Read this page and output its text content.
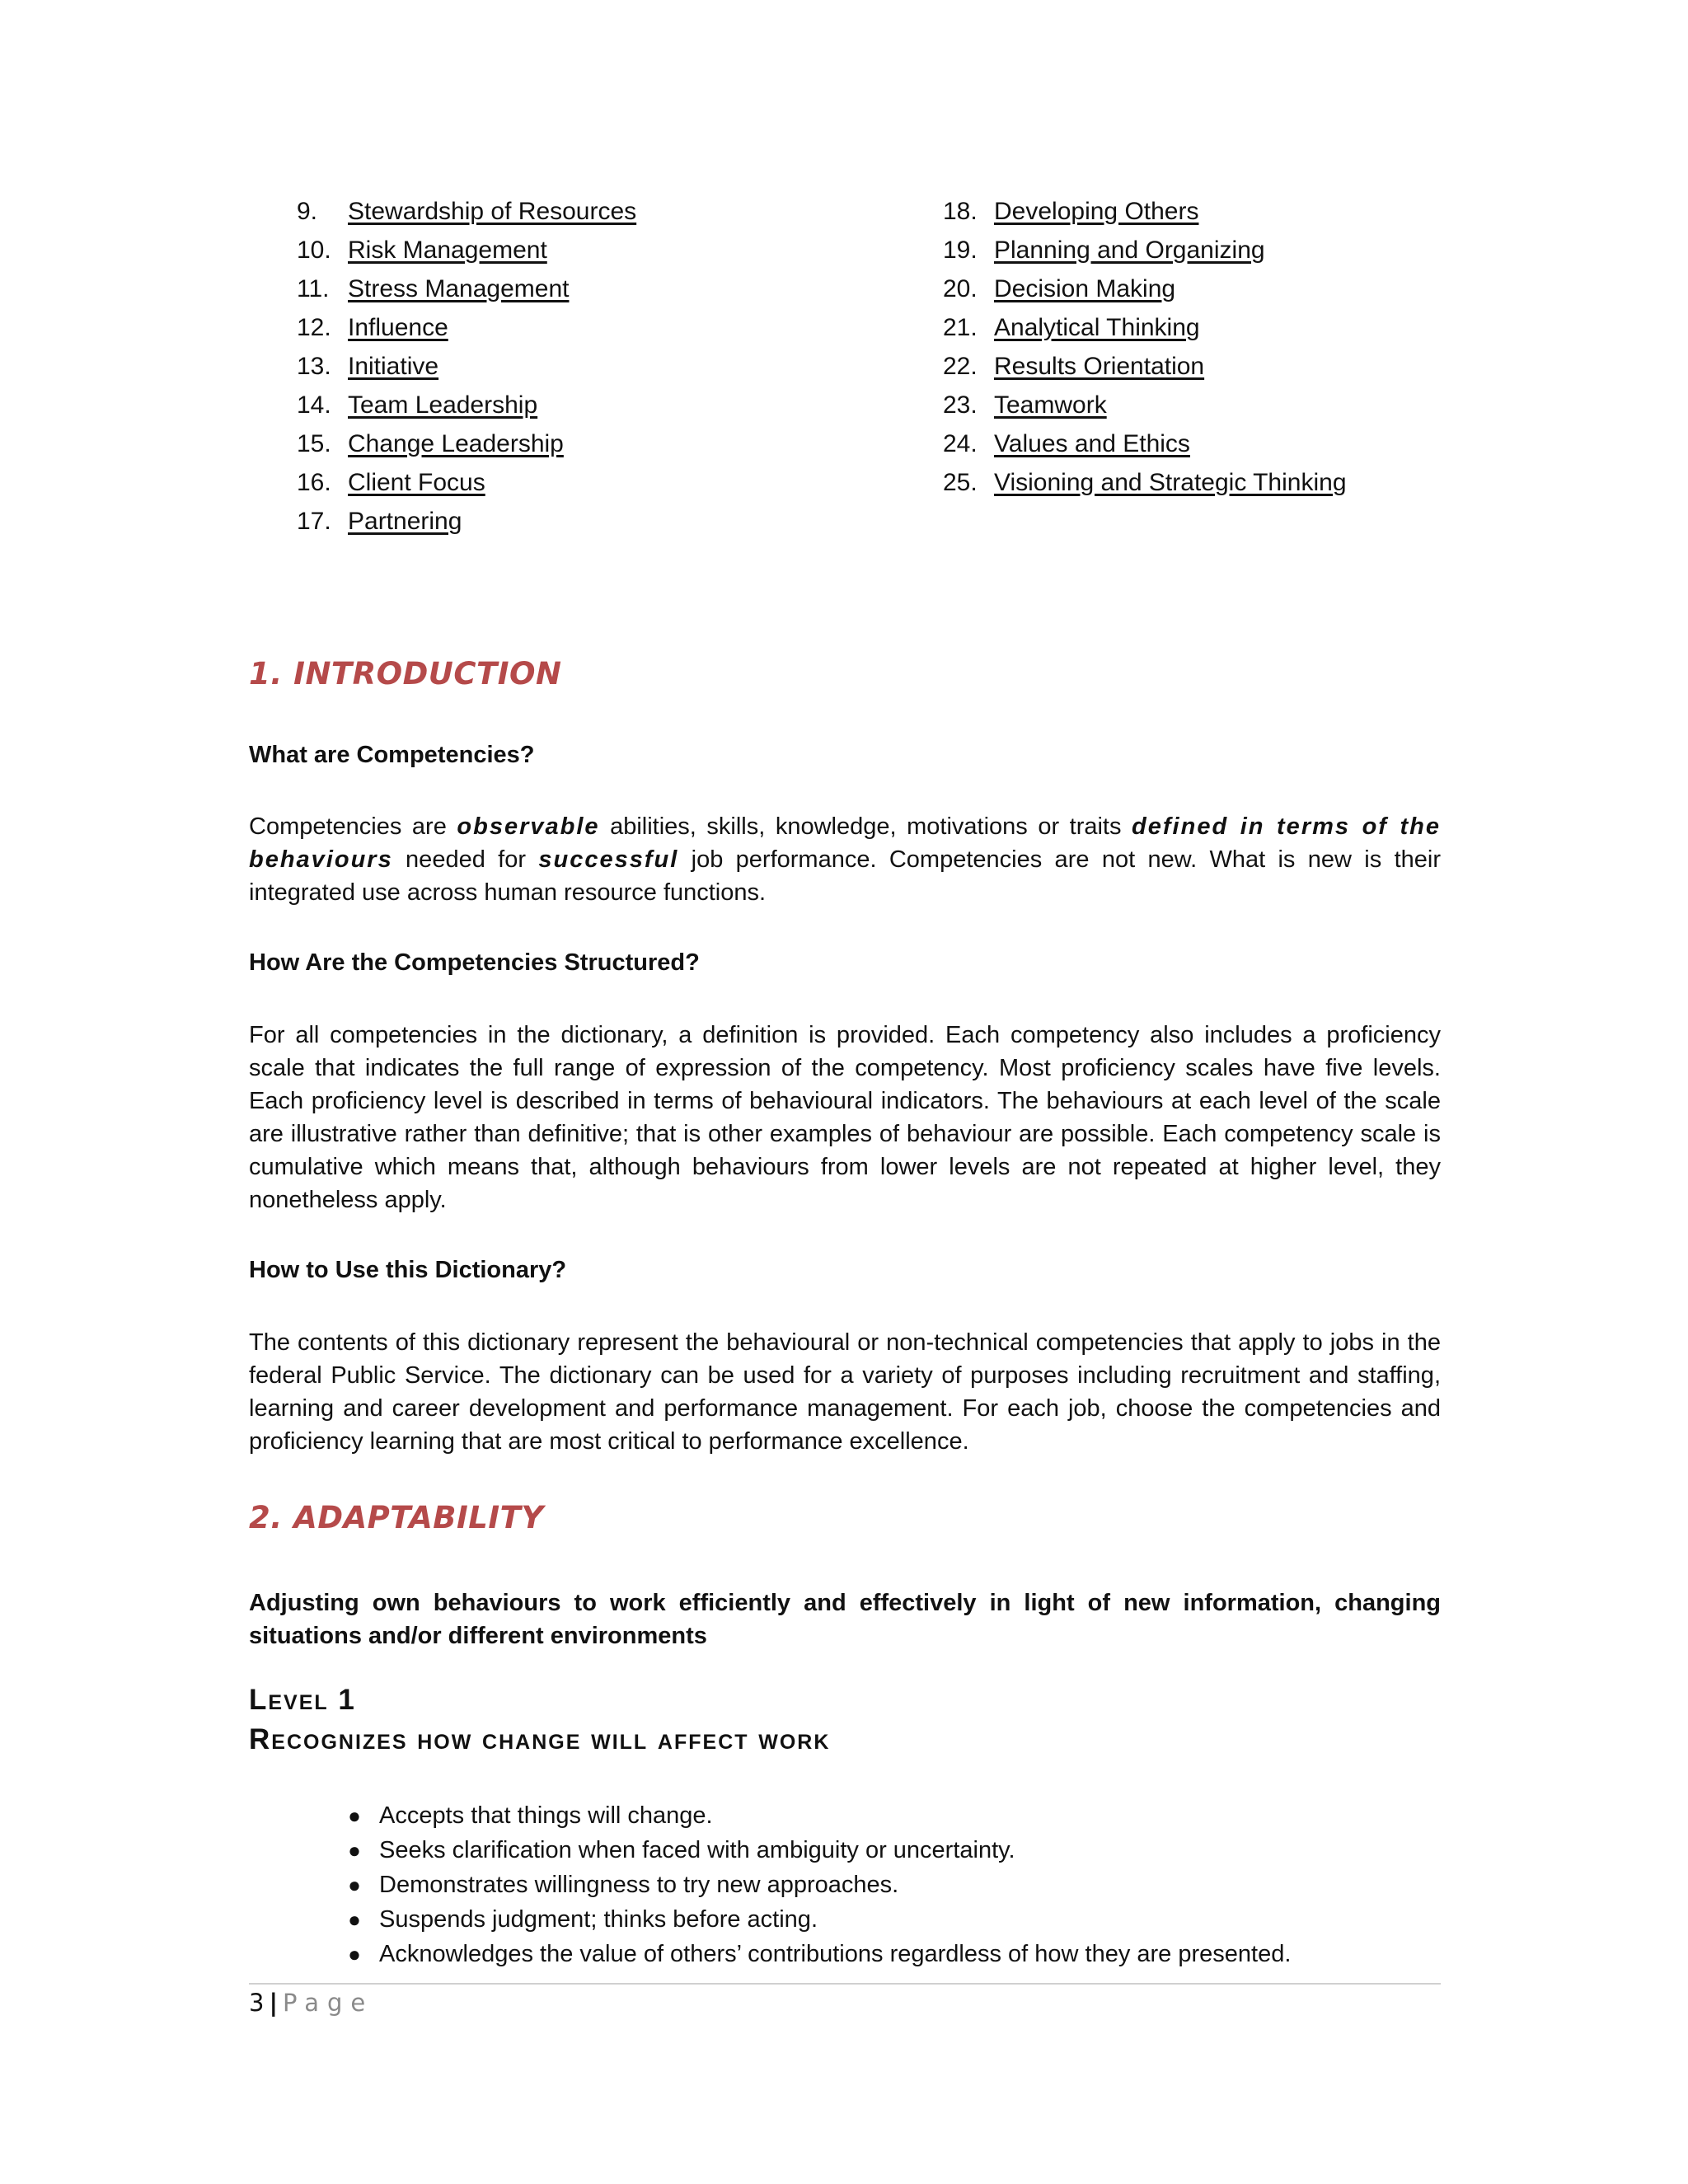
9.	Stewardship of Resources
10. Risk Management
11. Stress Management
12. Influence
13. Initiative
14. Team Leadership
15. Change Leadership
16. Client Focus
17. Partnering
18. Developing Others
19. Planning and Organizing
20. Decision Making
21. Analytical Thinking
22. Results Orientation
23. Teamwork
24. Values and Ethics
25. Visioning and Strategic Thinking
1. INTRODUCTION

What are Competencies?

Competencies are observable abilities, skills, knowledge, motivations or traits defined in terms of the behaviours needed for successful job performance. Competencies are not new. What is new is their integrated use across human resource functions.

How Are the Competencies Structured?

For all competencies in the dictionary, a definition is provided. Each competency also includes a proficiency scale that indicates the full range of expression of the competency. Most proficiency scales have five levels. Each proficiency level is described in terms of behavioural indicators. The behaviours at each level of the scale are illustrative rather than definitive; that is other examples of behaviour are possible. Each competency scale is cumulative which means that, although behaviours from lower levels are not repeated at higher level, they nonetheless apply.

How to Use this Dictionary?

The contents of this dictionary represent the behavioural or non-technical competencies that apply to jobs in the federal Public Service. The dictionary can be used for a variety of purposes including recruitment and staffing, learning and career development and performance management. For each job, choose the competencies and proficiency learning that are most critical to performance excellence.

2. ADAPTABILITY

Adjusting own behaviours to work efficiently and effectively in light of new information, changing situations and/or different environments

Level 1
Recognizes how change will affect work
● Accepts that things will change.
● Seeks clarification when faced with ambiguity or uncertainty.
● Demonstrates willingness to try new approaches.
● Suspends judgment; thinks before acting.
● Acknowledges the value of others’ contributions regardless of how they are presented.
3 | Page
